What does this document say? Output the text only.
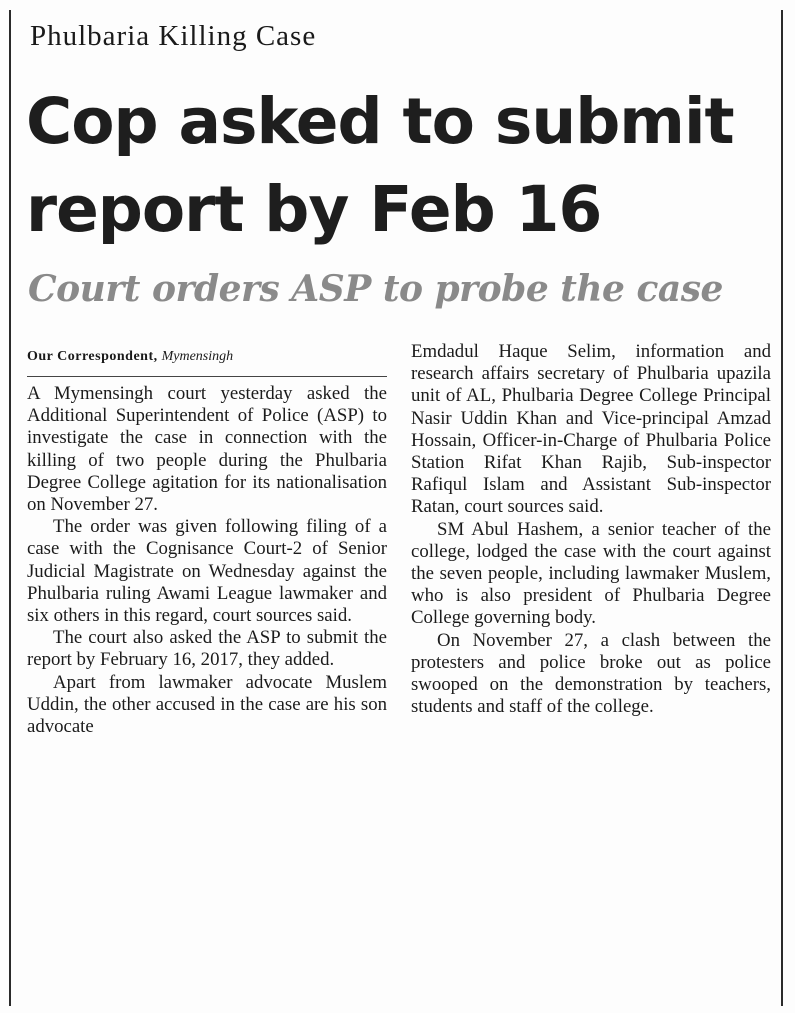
Phulbaria Killing Case
Cop asked to submit report by Feb 16
Court orders ASP to probe the case
Our Correspondent, Mymensingh

A Mymensingh court yesterday asked the Additional Superintendent of Police (ASP) to investigate the case in connection with the killing of two people during the Phulbaria Degree College agitation for its nationalisation on November 27.

The order was given following filing of a case with the Cognisance Court-2 of Senior Judicial Magistrate on Wednesday against the Phulbaria ruling Awami League lawmaker and six others in this regard, court sources said.

The court also asked the ASP to submit the report by February 16, 2017, they added.

Apart from lawmaker advocate Muslem Uddin, the other accused in the case are his son advocate

Emdadul Haque Selim, information and research affairs secretary of Phulbaria upazila unit of AL, Phulbaria Degree College Principal Nasir Uddin Khan and Vice-principal Amzad Hossain, Officer-in-Charge of Phulbaria Police Station Rifat Khan Rajib, Sub-inspector Rafiqul Islam and Assistant Sub-inspector Ratan, court sources said.

SM Abul Hashem, a senior teacher of the college, lodged the case with the court against the seven people, including lawmaker Muslem, who is also president of Phulbaria Degree College governing body.

On November 27, a clash between the protesters and police broke out as police swooped on the demonstration by teachers, students and staff of the college.
